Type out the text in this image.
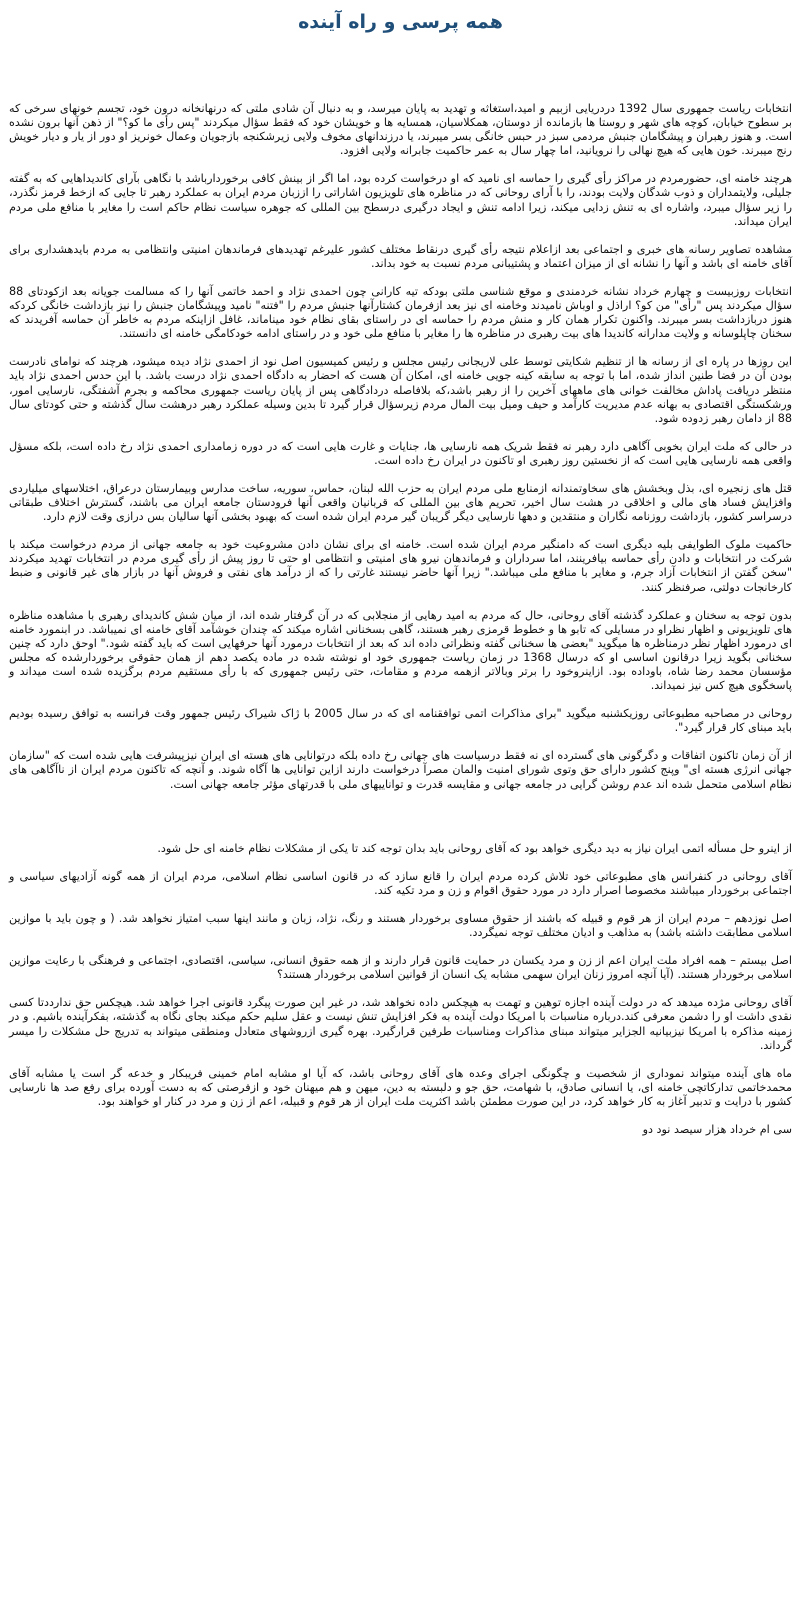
همه پرسی و راه آینده

انتخابات ریاست جمهوری سال 1392 دردریایی ازبیم و امید،استغاثه و تهدید به پایان میرسد، و به دنبال آن شادی ملتی که درنهانخانه درون خود، تجسم خونهای سرخی که بر سطوح خیابان، کوچه های شهر و روستا ها بازمانده از دوستان، همکلاسیان، همسایه ها و خویشان خود که فقط سؤال میکردند "پس رأی ما کو؟" از ذهن آنها برون نشده است. و هنوز رهبران و پیشگامان جنبش مردمی سبز در حبس خانگی بسر میبرند، یا درزندانهای مخوف ولایی زیرشکنجه بازجویان وعمال خونریز او دور از یار و دیار خویش رنج میبرند. خون هایی که هیچ نهالی را نرویانید، اما چهار سال به عمر حاکمیت جابرانه ولایی افزود.

هرچند خامنه ای، حضورمردم در مراکز رأی گیری را حماسه ای نامید که او درخواست کرده بود، اما اگر از بینش کافی برخوردارباشد با نگاهی بآرای کاندیداهایی که به گفته جلیلی، ولایتمداران و ذوب شدگان ولایت بودند، را با آرای روحانی که در مناظره های تلویزیون اشاراتی را ازز‌بان مردم ایران به عملکرد رهبر تا جایی که ازخط قرمز نگذرد، را زیر سؤال میبرد، واشاره ای به تنش زدایی میکند، زیرا ادامه تنش و ایجاد درگیری درسطح بین المللی که جوهره سیاست نظام حاکم است را مغایر با منافع ملی مردم ایران میداند.

مشاهده تصاویر رسانه های خبری و اجتماعی بعد ازاعلام نتیجه رأی گیری درنقاط مختلف کشور علیرغم تهدیدهای فرماندهان امنیتی وانتظامی به مردم بایدهشداری برای آقای خامنه ای باشد و آنها را نشانه ای از میزان اعتماد و پشتیبانی مردم نسبت به خود بداند.

انتخابات روزبیست و چهارم خرداد نشانه خردمندی و موقع شناسی ملتی بودکه تیه کارانی چون احمدی نژاد و احمد خاتمی آنها را که مسالمت جویانه بعد ازکودتای 88 سؤال میکردند پس "رأی" من کو؟ اراذل و اوباش نامیدند وخامنه ای نیز بعد ازفرمان کشتارآنها جنبش مردم را "فتنه" نامید وپیشگامان جنبش را نیز بازداشت خانگی کردکه هنوز دربازداشت بسر میبرند. واکنون تکرار همان کار و منش مردم را حماسه ای در راستای بقای نظام خود میناماند، غافل ازاینکه مردم به خاطر آن حماسه آفریدند که سخنان چاپلوسانه و ولایت مدارانه کاندیدا های بیت رهبری در مناظره ها را مغایر با منافع ملی خود و در راستای ادامه خودکامگی خامنه ای دانستند.

این روزها در پاره ای از رسانه ها از تنظیم شکایتی توسط علی لاریجانی رئیس مجلس و رئیس کمیسیون اصل نود از احمدی نژاد دیده میشود، هرچند که نوامای نادرست بودن آن در فضا طنین انداز شده، اما با توجه به سابقه کینه جویی خامنه ای، امکان آن هست که احضار به دادگاه احمدی نژاد درست باشد. با این حدس احمدی نژاد باید منتظر دریافت پاداش مخالفت خوانی های ماههای آخرین را از رهبر باشد،که بلافاصله دردادگاهی پس از پایان ریاست جمهوری محاکمه و بجرم آشفتگی، نارسایی امور، ورشکستگی اقتصادی به بهانه عدم مدیریت کارآمد و حیف ومیل بیت المال مردم زیرسؤال قرار گیرد تا بدین وسیله عملکرد رهبر درهشت سال گذشته و حتی کودتای سال 88 از دامان رهبر زدوده شود.

در حالی که ملت ایران بخوبی آگاهی دارد رهبر نه فقط شریک همه نارسایی ها، جنایات و غارت هایی است که در دوره زمامداری احمدی نژاد رخ داده است، بلکه مسؤل واقعی همه نارسایی هایی است که از نخستین روز رهبری او تاکنون در ایران رخ داده است.

قتل های زنجیره ای، بذل وبخشش های سخاوتمندانه ازمنابع ملی مردم ایران به حزب الله لبنان، حماس، سوریه، ساخت مدارس وبیمارستان درعراق، اختلاسهای میلیاردی وافزایش فساد های مالی و اخلاقی در هشت سال اخیر، تحریم های بین المللی که قربانیان واقعی آنها فرودستان جامعه ایران می باشند، گسترش اختلاف طبقاتی درسراسر کشور، بازداشت روزنامه نگاران و منتقدین و دهها نارسایی دیگر گریبان گیر مردم ایران شده است که بهبود بخشی آنها سالیان بس درازی وقت لازم دارد.

حاکمیت ملوک الطوایفی بلیه دیگری است که دامنگیر مردم ایران شده است. خامنه ای برای نشان دادن مشروعیت خود به جامعه جهانی از مردم درخواست میکند با شرکت در انتخابات و دادن رأی حماسه بیافرینند، اما سرداران و فرماندهان نیرو های امنیتی و انتظامی او حتی تا روز پیش از رأی گیری مردم در انتخابات تهدید میکردند "سخن گفتن از انتخابات آزاد جرم، و مغایر با منافع ملی میباشد." زیرا آنها حاضر نیستند غارتی را که از درآمد های نفتی و فروش آنها در بازار های غیر قانونی و ضبط کارخانجات دولتی، صرفنظر کنند.

بدون توجه به سخنان و عملکرد گذشته آقای روحانی، حال که مردم به امید رهایی از منجلابی که در آن گرفتار شده اند، از میان شش کاندیدای رهبری با مشاهده مناظره های تلویزیونی و اظهار نظراو در مسایلی که تابو ها و خطوط قرمزی رهبر هستند، گاهی بسخنانی اشاره میکند که چندان خوشآمد آقای خامنه ای نمیباشد. در ابنمورد خامنه ای درمورد اظهار نظر درمناظره ها میگوید "بعضی ها سخنانی گفته ونظراتی داده اند که بعد از انتخابات درمورد آنها حرفهایی است که باید گفته شود." اوحق دارد که چنین سخنانی بگوید زیرا درقانون اساسی او که درسال 1368 در زمان ریاست جمهوری خود او نوشته شده در ماده یکصد دهم از همان حقوقی برخوردارشده که مجلس مؤسسان محمد رضا شاه، باوداده بود. ازاینروخود را برتر وبالاتر ازهمه مردم و مقامات، حتی رئیس جمهوری که با رأی مستقیم مردم برگزیده شده است میداند و پاسخگوی هیچ کس نیز نمیداند.

روحانی در مصاحبه مطبوعاتی روزیکشنبه میگوید "برای مذاکرات اتمی توافقنامه ای که در سال 2005 با ژاک شیراک رئیس جمهور وقت فرانسه به توافق رسیده بودیم باید مبنای کار قرار گیرد".

از آن زمان تاکنون اتفاقات و دگرگونی های گسترده ای نه فقط درسیاست های جهانی رخ داده بلکه درتوانایی های هسته ای ایران نیزپیشرفت هایی شده است که "سازمان جهانی انرژی هسته ای" وپنج کشور دارای حق وتوی شورای امنیت والمان مصرآ درخواست دارند ازاین توانایی ها آگاه شوند. و آنچه که تاکنون مردم ایران از ناآگاهی های نظام اسلامی متحمل شده اند عدم روشن گرایی در جامعه جهانی و مقایسه قدرت و تواناییهای ملی با قدرتهای مؤثر جامعه جهانی است.

از اینرو حل مسأله اتمی ایران نیاز به دید دیگری خواهد بود که آقای روحانی باید بدان توجه کند تا یکی از مشکلات نظام خامنه ای حل شود.

آقای روحانی در کنفرانس های مطبوعاتی خود تلاش کرده مردم ایران را قانع سازد که در قانون اساسی نظام اسلامی، مردم ایران از همه گونه آزادیهای سیاسی و اجتماعی برخوردار میباشند مخصوصا اصرار دارد در مورد حقوق اقوام و زن و مرد تکیه کند.

اصل نوزدهم – مردم ایران از هر قوم و قبیله که باشند از حقوق مساوی برخوردار هستند و رنگ، نژاد، زبان و مانند اینها سبب امتیاز نخواهد شد. ( و چون باید با موازین اسلامی مطابقت داشته باشد) به مذاهب و ادیان مختلف توجه نمیگردد.

اصل بیستم – همه افراد ملت ایران اعم از زن و مرد یکسان در حمایت قانون قرار دارند و از همه حقوق انسانی، سیاسی، اقتصادی، اجتماعی و فرهنگی با رعایت موازین اسلامی برخوردار هستند. (آیا آنچه امروز زنان ایران سهمی مشابه یک انسان از قوانین اسلامی برخوردار هستند؟

آقای روحانی مژده میدهد که در دولت آینده اجازه توهین و تهمت به هیچکس داده نخواهد شد، در غیر این صورت پیگرد قانونی اجرا خواهد شد. هیچکس حق ندارددتا کسی نقدی داشت او را دشمن معرفی کند.درباره مناسبات با امریکا دولت آینده به فکر افزایش تنش نیست و عقل سلیم حکم میکند بجای نگاه به گذشته، بفکرآینده باشیم. و در زمینه مذاکره با امریکا نیزبیانیه الجزایر میتواند مبنای مذاکرات ومناسبات طرفین قرارگیرد. بهره گیری ازروشهای متعادل ومنطقی میتواند به تدریج حل مشکلات را میسر گرداند.

ماه های آینده میتواند نموداری از شخصیت و چگونگی اجرای وعده های آقای روحانی باشد، که آیا او مشابه امام خمینی فریبکار و خدعه گر است یا مشابه آقای محمدخاتمی تدارکاتچی خامنه ای، یا انسانی صادق، با شهامت، حق جو و دلبسته به دین، میهن و هم میهنان خود و ازفرصتی که به دست آورده برای رفع صد ها نارسایی کشور با درایت و تدبیر آغاز به کار خواهد کرد، در این صورت مطمئن باشد اکثریت ملت ایران از هر قوم و قبیله، اعم از زن و مرد در کنار او خواهند بود.

سی ام خرداد هزار سیصد نود دو
